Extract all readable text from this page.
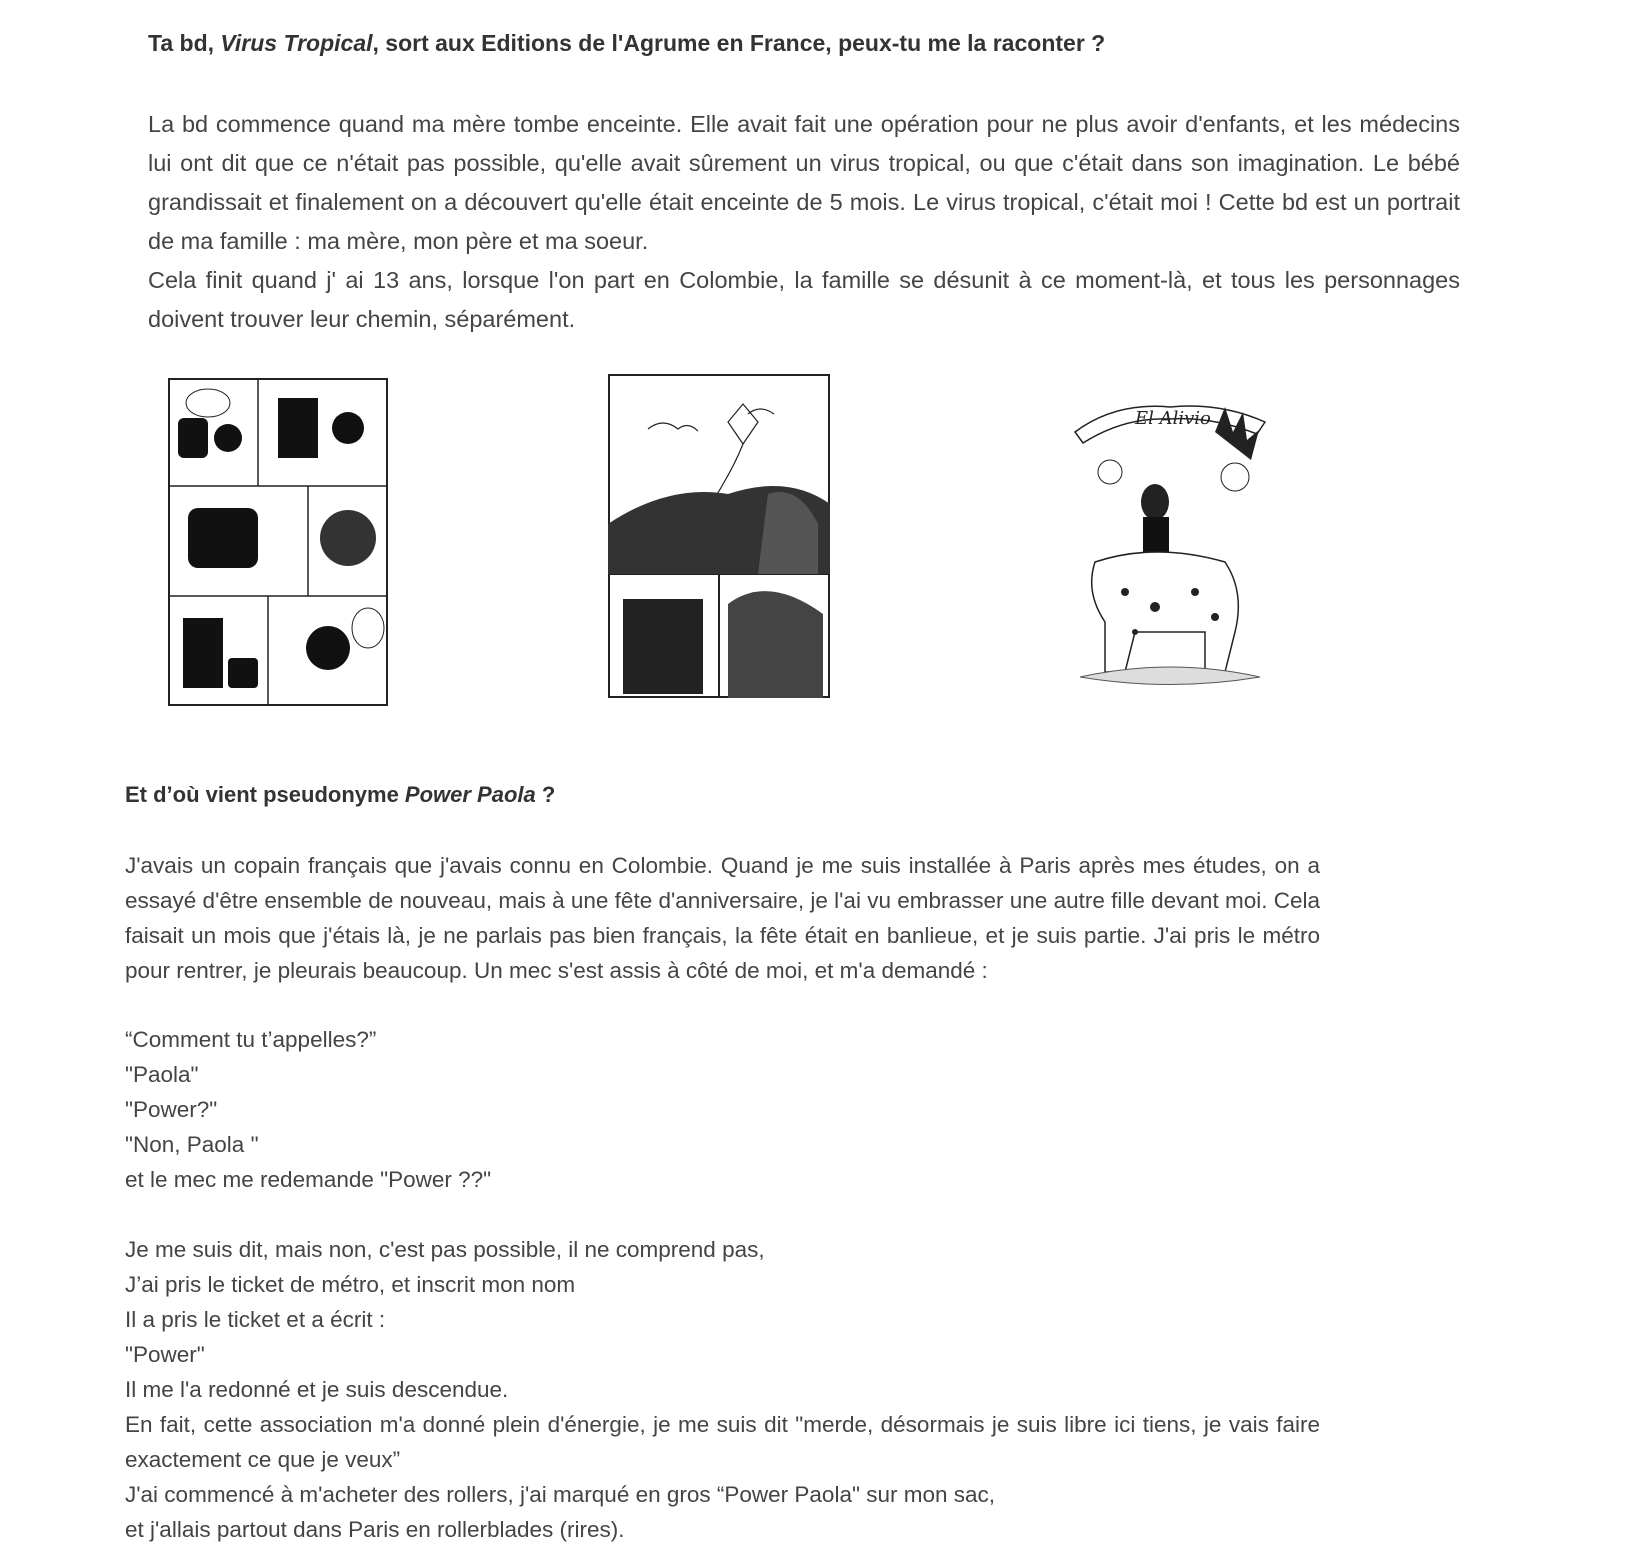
Ta bd, Virus Tropical, sort aux Editions de l'Agrume en France, peux-tu me la raconter ?

La bd commence quand ma mère tombe enceinte. Elle avait fait une opération pour ne plus avoir d'enfants, et les médecins lui ont dit que ce n'était pas possible, qu'elle avait sûrement un virus tropical, ou que c'était dans son imagination. Le bébé grandissait et finalement on a découvert qu'elle était enceinte de 5 mois. Le virus tropical, c'était moi ! Cette bd est un portrait de ma famille : ma mère, mon père et ma soeur.

Cela finit quand j' ai 13 ans, lorsque l'on part en Colombie, la famille se désunit à ce moment-là, et tous les personnages doivent trouver leur chemin, séparément.

El Alivio
Et d’où vient pseudonyme Power Paola ?

J'avais un copain français que j'avais connu en Colombie. Quand je me suis installée à Paris après mes études, on a essayé d'être ensemble de nouveau, mais à une fête d'anniversaire, je l'ai vu embrasser une autre fille devant moi. Cela faisait un mois que j'étais là, je ne parlais pas bien français, la fête était en banlieue, et je suis partie. J'ai pris le métro pour rentrer, je pleurais beaucoup. Un mec s'est assis à côté de moi, et m'a demandé :

“Comment tu t’appelles?”
"Paola"
"Power?"
"Non, Paola "
et le mec me redemande "Power ??"
Je me suis dit, mais non, c'est pas possible, il ne comprend pas,
J’ai pris le ticket de métro, et inscrit mon nom
Il a pris le ticket et a écrit :
"Power"
Il me l'a redonné et je suis descendue.
En fait, cette association m'a donné plein d'énergie, je me suis dit "merde, désormais je suis libre ici tiens, je vais faire exactement ce que je veux”
J'ai commencé à m'acheter des rollers, j'ai marqué en gros “Power Paola" sur mon sac,
et j'allais partout dans Paris en rollerblades (rires).
